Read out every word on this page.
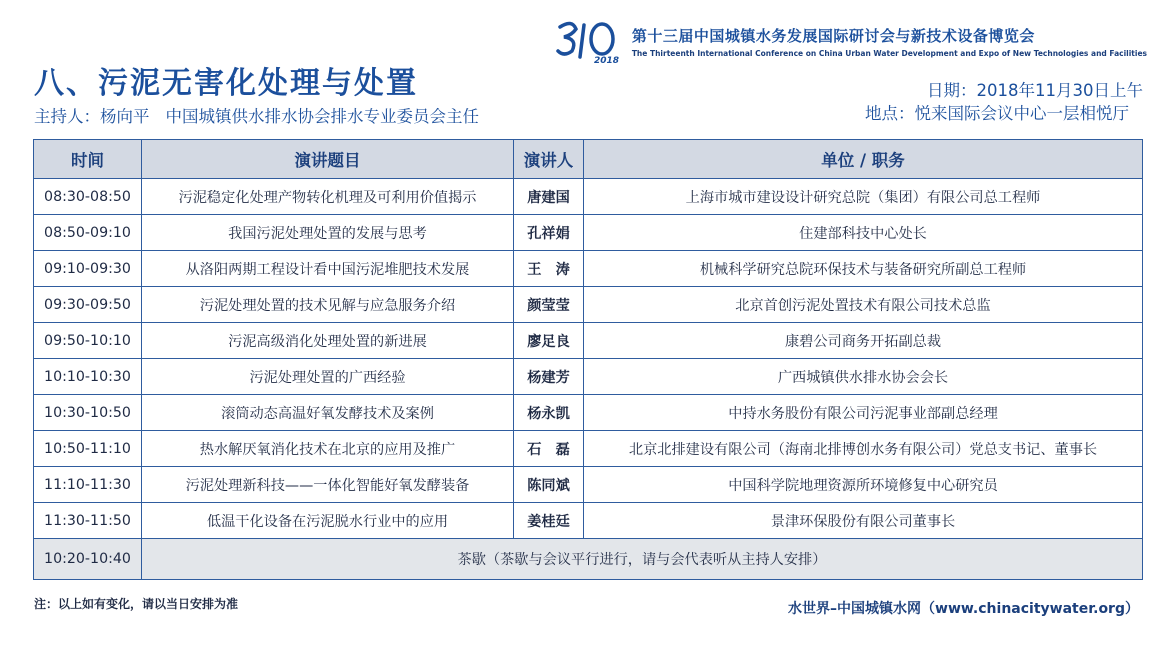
2018
第十三届中国城镇水务发展国际研讨会与新技术设备博览会
The Thirteenth International Conference on China Urban Water Development and Expo of New Technologies and Facilities
八、污泥无害化处理与处置
主持人：杨向平 中国城镇供水排水协会排水专业委员会主任
日期：2018年11月30日上午
地点：悦来国际会议中心一层相悦厅
时间	演讲题目	演讲人	单位 / 职务
08:30-08:50	污泥稳定化处理产物转化机理及可利用价值揭示	唐建国	上海市城市建设设计研究总院（集团）有限公司总工程师
08:50-09:10	我国污泥处理处置的发展与思考	孔祥娟	住建部科技中心处长
09:10-09:30	从洛阳两期工程设计看中国污泥堆肥技术发展	王　涛	机械科学研究总院环保技术与装备研究所副总工程师
09:30-09:50	污泥处理处置的技术见解与应急服务介绍	颜莹莹	北京首创污泥处置技术有限公司技术总监
09:50-10:10	污泥高级消化处理处置的新进展	廖足良	康碧公司商务开拓副总裁
10:10-10:30	污泥处理处置的广西经验	杨建芳	广西城镇供水排水协会会长
10:30-10:50	滚筒动态高温好氧发酵技术及案例	杨永凯	中持水务股份有限公司污泥事业部副总经理
10:50-11:10	热水解厌氧消化技术在北京的应用及推广	石　磊	北京北排建设有限公司（海南北排博创水务有限公司）党总支书记、董事长
11:10-11:30	污泥处理新科技——一体化智能好氧发酵装备	陈同斌	中国科学院地理资源所环境修复中心研究员
11:30-11:50	低温干化设备在污泥脱水行业中的应用	姜桂廷	景津环保股份有限公司董事长
10:20-10:40	茶歇（茶歇与会议平行进行，请与会代表听从主持人安排）		
注：以上如有变化，请以当日安排为准	水世界–中国城镇水网（www.chinacitywater.org）
